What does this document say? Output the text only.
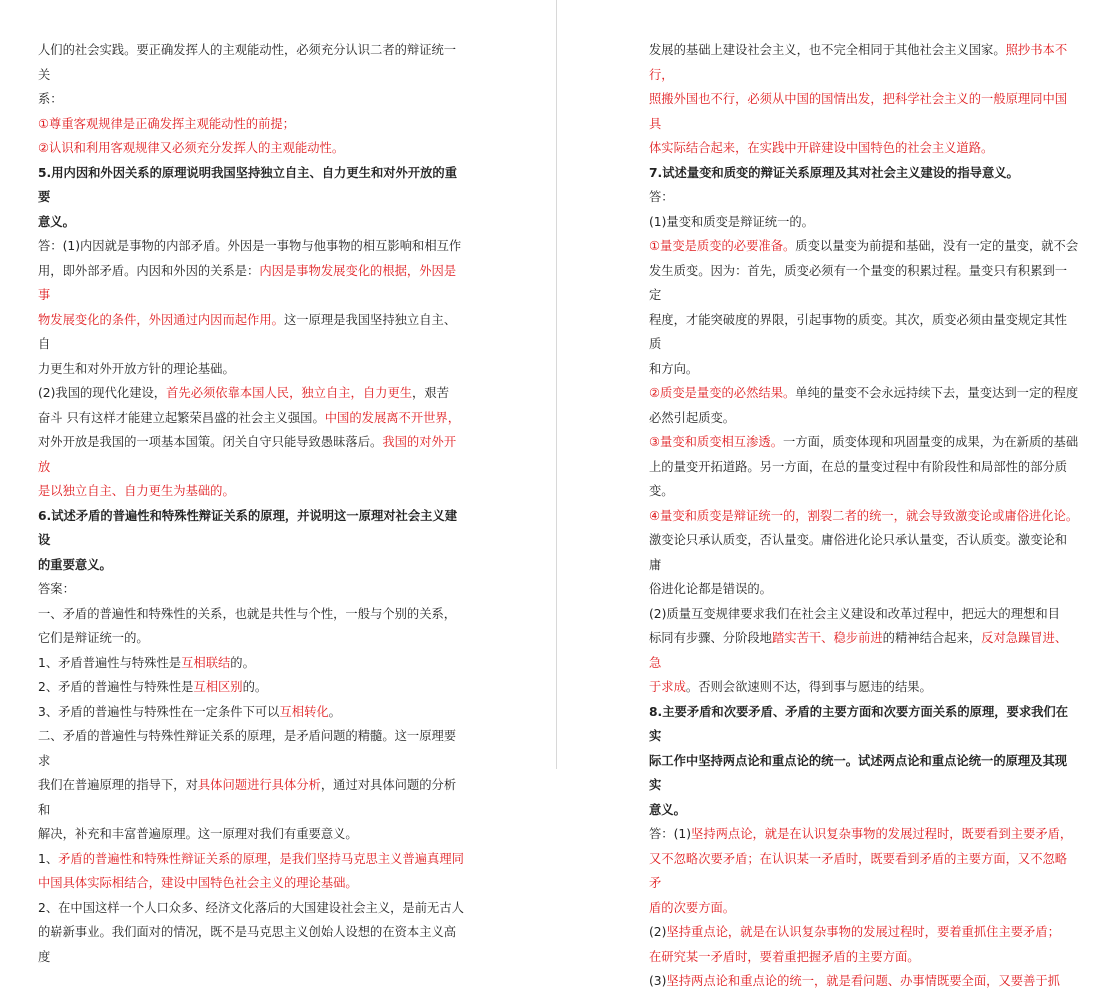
人们的社会实践。要正确发挥人的主观能动性，必须充分认识二者的辩证统一关

系：

①尊重客观规律是正确发挥主观能动性的前提；

②认识和利用客观规律又必须充分发挥人的主观能动性。

5.用内因和外因关系的原理说明我国坚持独立自主、自力更生和对外开放的重要

意义。

答：(1)内因就是事物的内部矛盾。外因是一事物与他事物的相互影响和相互作

用，即外部矛盾。内因和外因的关系是：内因是事物发展变化的根据，外因是事

物发展变化的条件，外因通过内因而起作用。这一原理是我国坚持独立自主、自

力更生和对外开放方针的理论基础。

(2)我国的现代化建设，首先必须依靠本国人民，独立自主，自力更生，艰苦

奋斗 只有这样才能建立起繁荣昌盛的社会主义强国。中国的发展离不开世界，

对外开放是我国的一项基本国策。闭关自守只能导致愚昧落后。我国的对外开放

是以独立自主、自力更生为基础的。

6.试述矛盾的普遍性和特殊性辩证关系的原理，并说明这一原理对社会主义建设

的重要意义。

答案：

一、矛盾的普遍性和特殊性的关系，也就是共性与个性，一般与个别的关系，

它们是辩证统一的。

1、矛盾普遍性与特殊性是互相联结的。

2、矛盾的普遍性与特殊性是互相区别的。

3、矛盾的普遍性与特殊性在一定条件下可以互相转化。

二、矛盾的普遍性与特殊性辩证关系的原理，是矛盾问题的精髓。这一原理要求

我们在普遍原理的指导下，对具体问题进行具体分析，通过对具体问题的分析和

解决，补充和丰富普遍原理。这一原理对我们有重要意义。

1、矛盾的普遍性和特殊性辩证关系的原理，是我们坚持马克思主义普遍真理同

中国具体实际相结合，建设中国特色社会主义的理论基础。

2、在中国这样一个人口众多、经济文化落后的大国建设社会主义，是前无古人

的崭新事业。我们面对的情况，既不是马克思主义创始人设想的在资本主义高度

发展的基础上建设社会主义，也不完全相同于其他社会主义国家。照抄书本不行，

照搬外国也不行，必须从中国的国情出发，把科学社会主义的一般原理同中国具

体实际结合起来，在实践中开辟建设中国特色的社会主义道路。

7.试述量变和质变的辩证关系原理及其对社会主义建设的指导意义。

答：

(1)量变和质变是辩证统一的。

①量变是质变的必要准备。质变以量变为前提和基础，没有一定的量变，就不会

发生质变。因为：首先，质变必须有一个量变的积累过程。量变只有积累到一定

程度，才能突破度的界限，引起事物的质变。其次，质变必须由量变规定其性质

和方向。

②质变是量变的必然结果。单纯的量变不会永远持续下去，量变达到一定的程度

必然引起质变。

③量变和质变相互渗透。一方面，质变体现和巩固量变的成果，为在新质的基础

上的量变开拓道路。另一方面，在总的量变过程中有阶段性和局部性的部分质变。

④量变和质变是辩证统一的，割裂二者的统一，就会导致激变论或庸俗进化论。

激变论只承认质变，否认量变。庸俗进化论只承认量变，否认质变。激变论和庸

俗进化论都是错误的。

(2)质量互变规律要求我们在社会主义建设和改革过程中，把远大的理想和目

标同有步骤、分阶段地踏实苦干、稳步前进的精神结合起来，反对急躁冒进、急

于求成。否则会欲速则不达，得到事与愿违的结果。

8.主要矛盾和次要矛盾、矛盾的主要方面和次要方面关系的原理，要求我们在实

际工作中坚持两点论和重点论的统一。试述两点论和重点论统一的原理及其现实

意义。

答：(1)坚持两点论，就是在认识复杂事物的发展过程时，既要看到主要矛盾，

又不忽略次要矛盾；在认识某一矛盾时，既要看到矛盾的主要方面，又不忽略矛

盾的次要方面。

(2)坚持重点论，就是在认识复杂事物的发展过程时，要着重抓住主要矛盾；

在研究某一矛盾时，要着重把握矛盾的主要方面。

(3)坚持两点论和重点论的统一，就是看问题、办事情既要全面，又要善于抓
